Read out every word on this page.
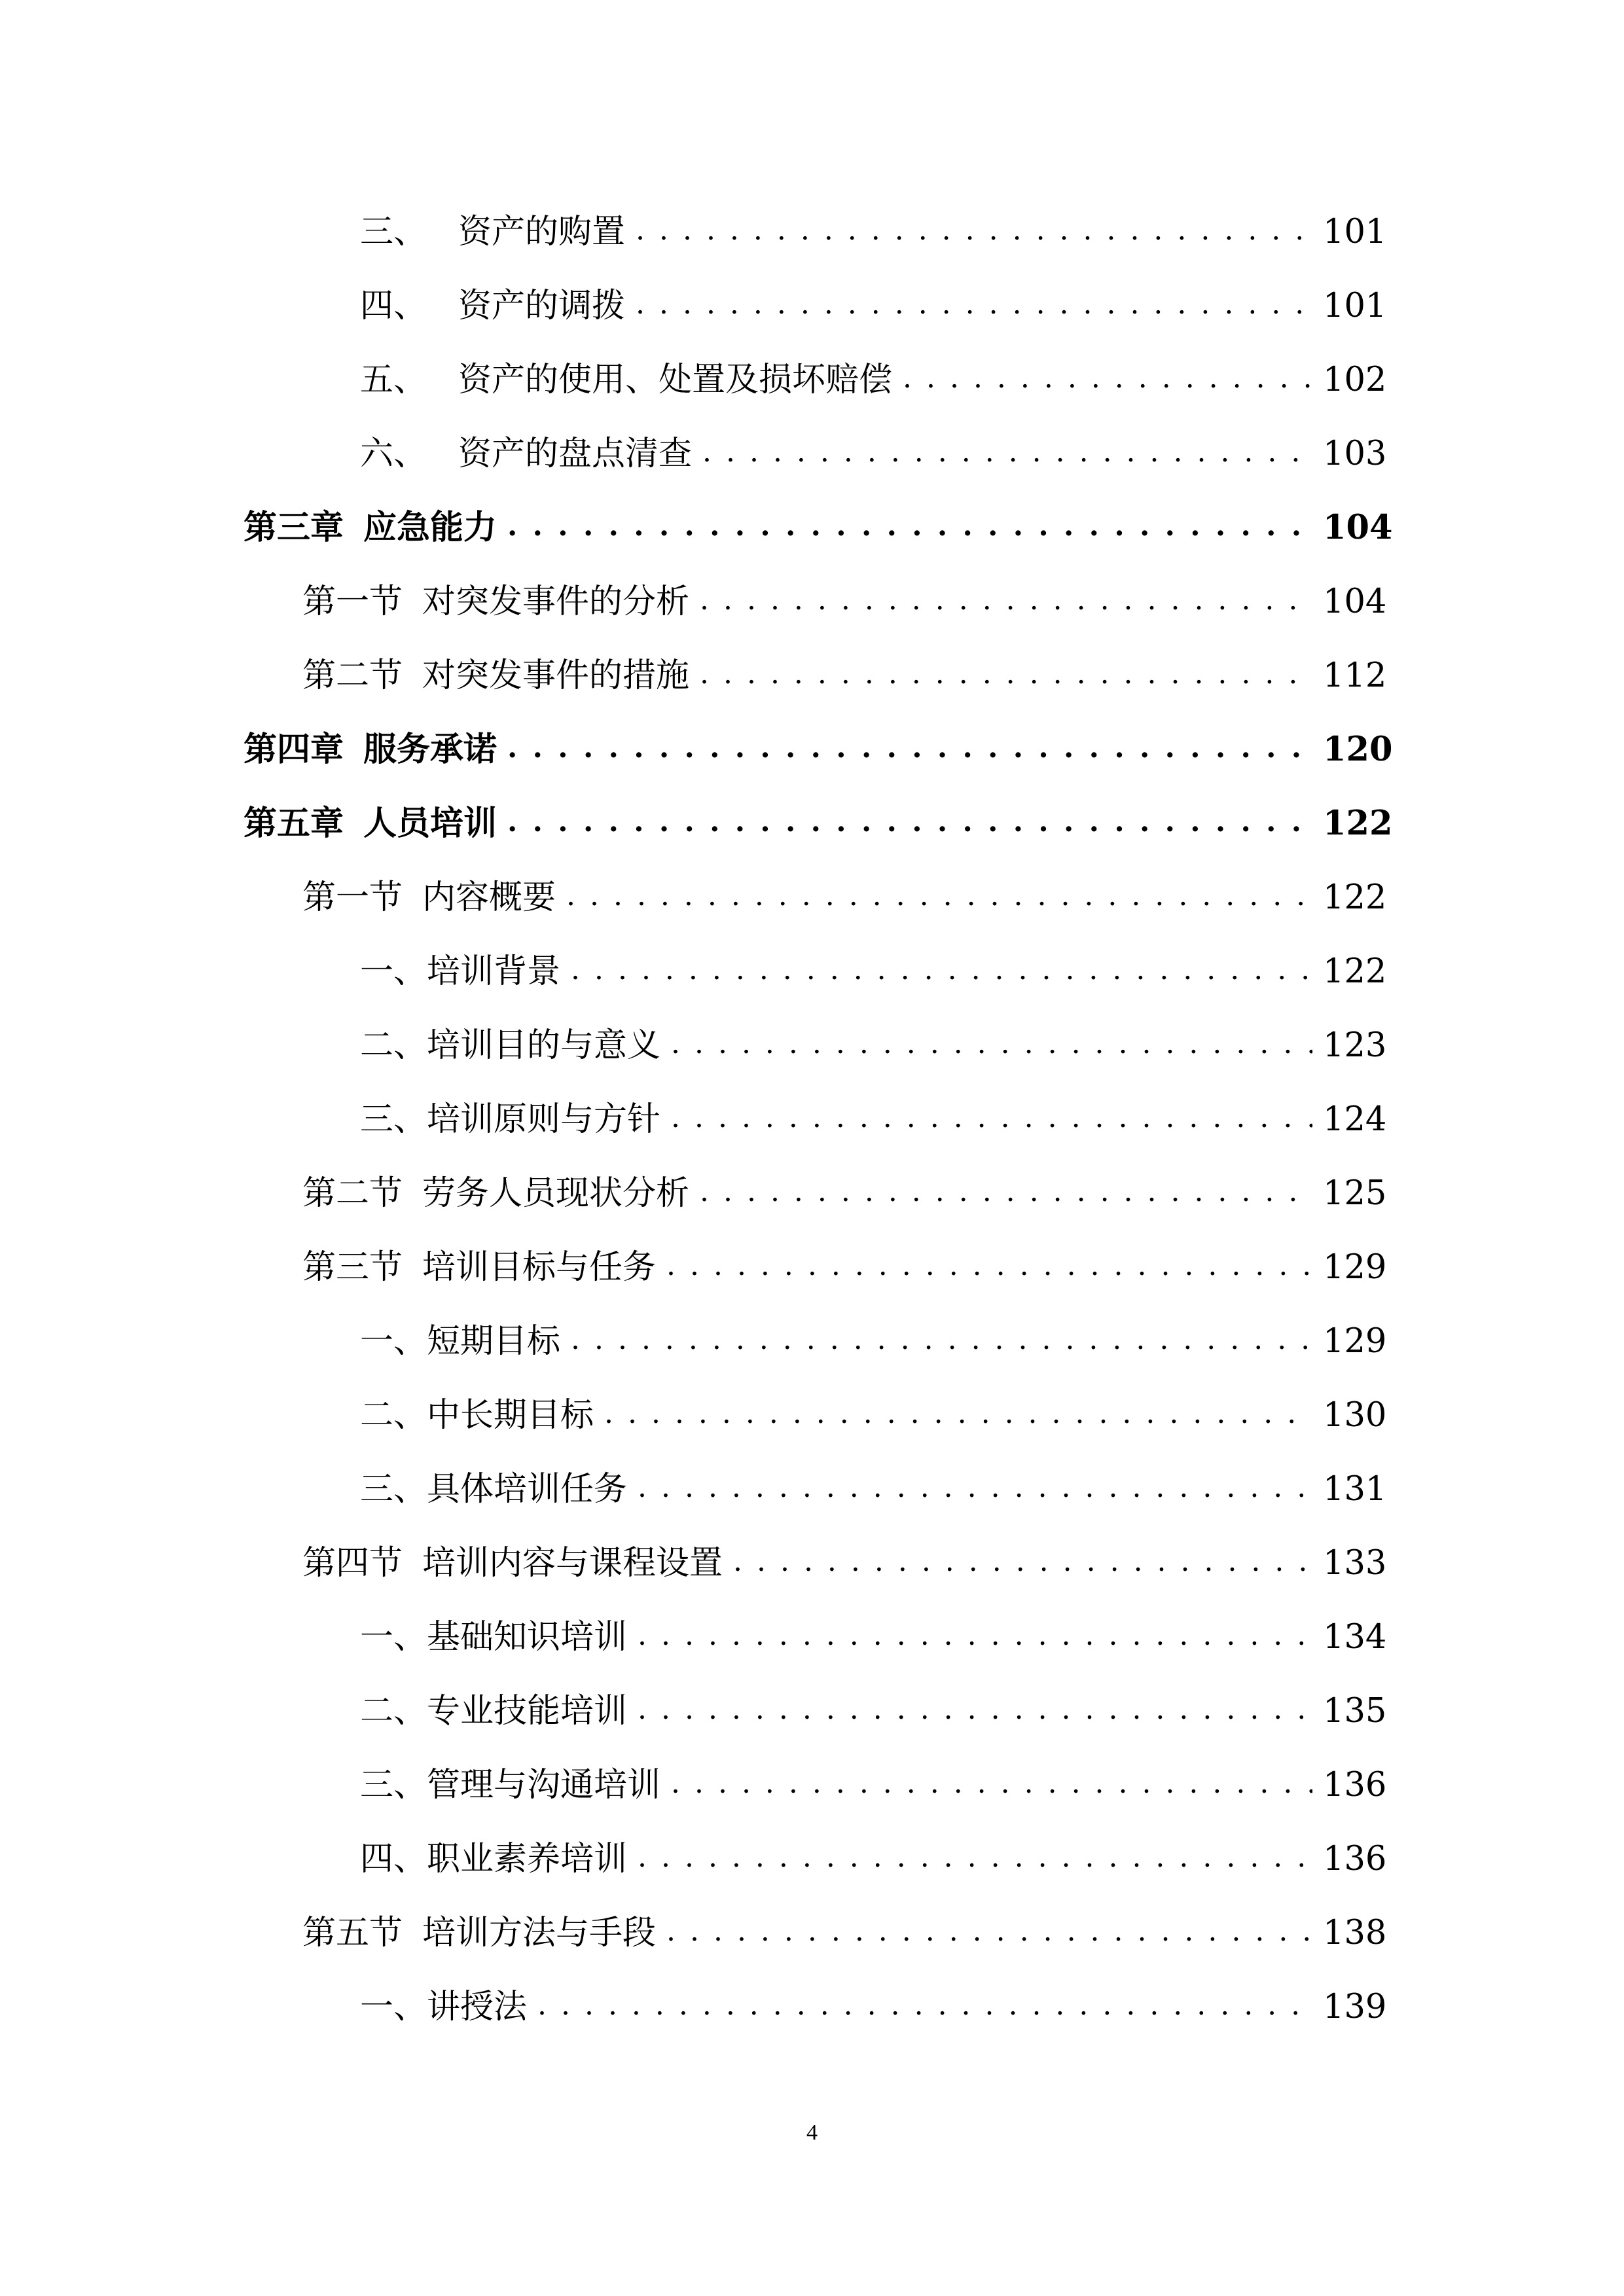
三、 资产的购置 . . .	101
四、 资产的调拨 . . .	101
五、 资产的使用、处置及损坏赔偿 . . .	102
六、 资产的盘点清查 . . .	103
第三章 应急能力 . . .	104
第一节 对突发事件的分析 . . .	104
第二节 对突发事件的措施 . . .	112
第四章 服务承诺 . . .	120
第五章 人员培训 . . .	122
第一节 内容概要 . . .	122
一、 培训背景 . . .	122
二、 培训目的与意义 . . .	123
三、 培训原则与方针 . . .	124
第二节 劳务人员现状分析 . . .	125
第三节 培训目标与任务 . . .	129
一、 短期目标 . . .	129
二、 中长期目标 . . .	130
三、 具体培训任务 . . .	131
第四节 培训内容与课程设置 . . .	133
一、 基础知识培训 . . .	134
二、 专业技能培训 . . .	135
三、 管理与沟通培训 . . .	136
四、 职业素养培训 . . .	136
第五节 培训方法与手段 . . .	138
一、 讲授法 . . .	139
4
